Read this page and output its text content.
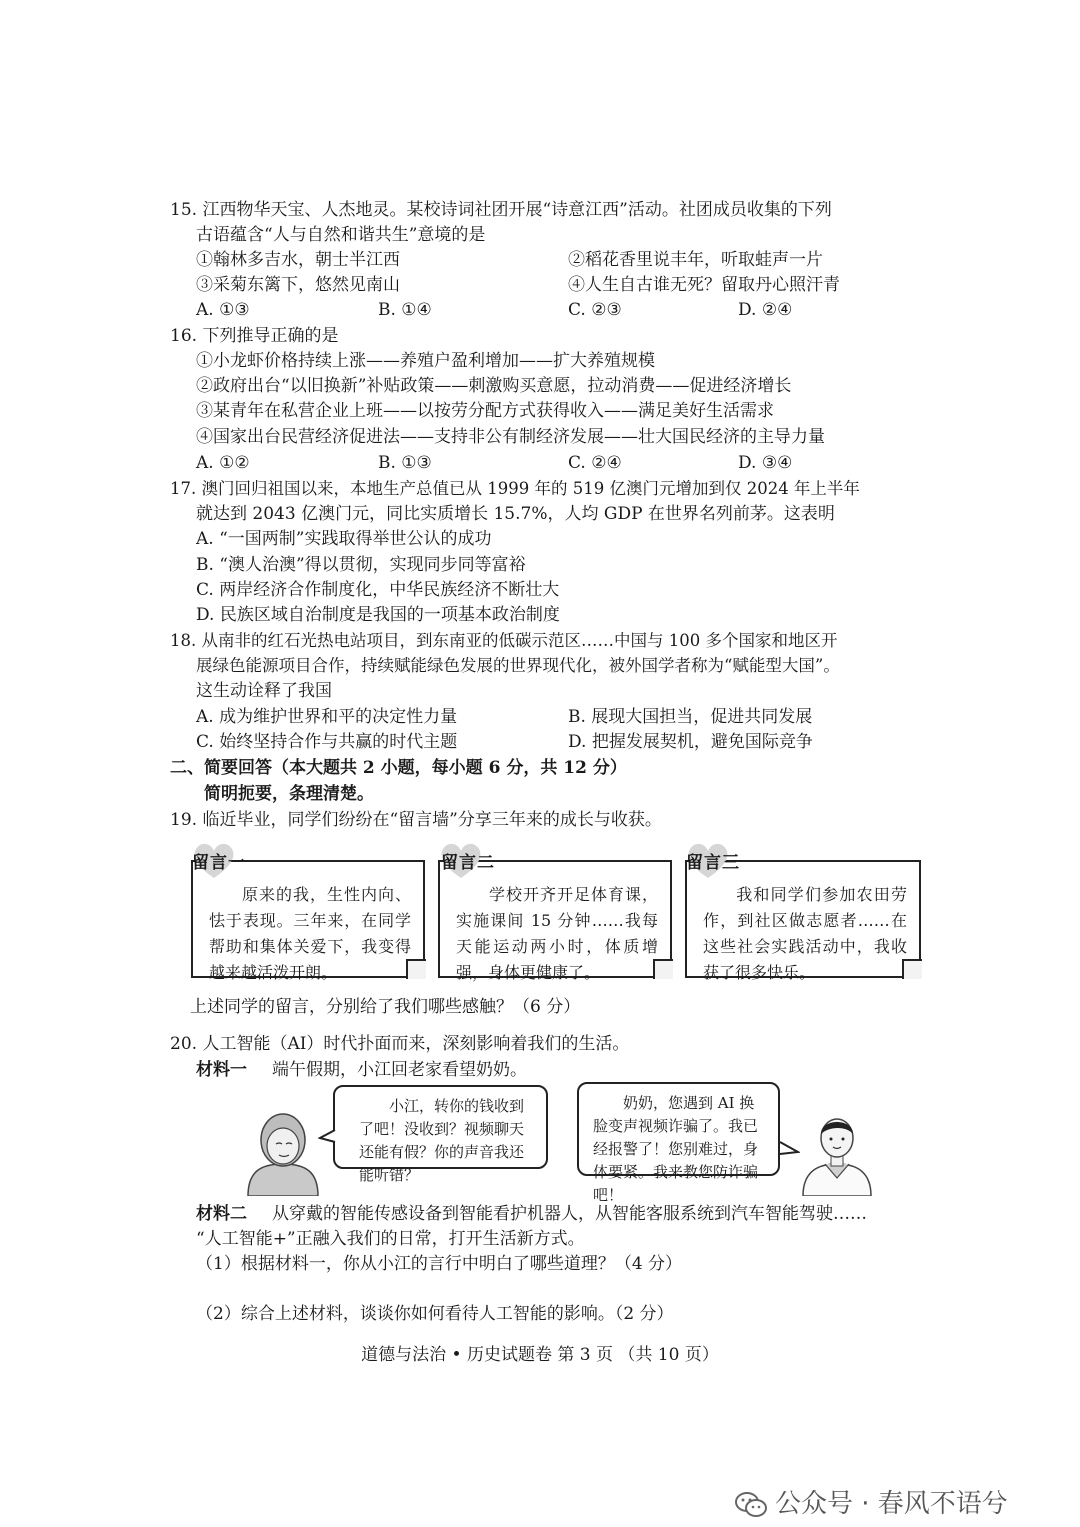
15. 江西物华天宝、人杰地灵。某校诗词社团开展“诗意江西”活动。社团成员收集的下列
古语蕴含“人与自然和谐共生”意境的是
①翰林多吉水，朝士半江西	②稻花香里说丰年，听取蛙声一片
③采菊东篱下，悠然见南山	④人生自古谁无死？留取丹心照汗青
A. ①③	B. ①④	C. ②③	D. ②④
16. 下列推导正确的是
①小龙虾价格持续上涨——养殖户盈利增加——扩大养殖规模
②政府出台“以旧换新”补贴政策——刺激购买意愿，拉动消费——促进经济增长
③某青年在私营企业上班——以按劳分配方式获得收入——满足美好生活需求
④国家出台民营经济促进法——支持非公有制经济发展——壮大国民经济的主导力量
A. ①②	B. ①③	C. ②④	D. ③④
17. 澳门回归祖国以来，本地生产总值已从 1999 年的 519 亿澳门元增加到仅 2024 年上半年
就达到 2043 亿澳门元，同比实质增长 15.7%，人均 GDP 在世界名列前茅。这表明
A. “一国两制”实践取得举世公认的成功
B. “澳人治澳”得以贯彻，实现同步同等富裕
C. 两岸经济合作制度化，中华民族经济不断壮大
D. 民族区域自治制度是我国的一项基本政治制度
18. 从南非的红石光热电站项目，到东南亚的低碳示范区……中国与 100 多个国家和地区开
展绿色能源项目合作，持续赋能绿色发展的世界现代化，被外国学者称为“赋能型大国”。
这生动诠释了我国
A. 成为维护世界和平的决定性力量	B. 展现大国担当，促进共同发展
C. 始终坚持合作与共赢的时代主题	D. 把握发展契机，避免国际竞争
二、简要回答（本大题共 2 小题，每小题 6 分，共 12 分）
简明扼要，条理清楚。
19. 临近毕业，同学们纷纷在“留言墙”分享三年来的成长与收获。
原来的我，生性内向、怯于表现。三年来，在同学帮助和集体关爱下，我变得越来越活泼开朗。
学校开齐开足体育课，实施课间 15 分钟……我每天能运动两小时，体质增强，身体更健康了。
我和同学们参加农田劳作，到社区做志愿者……在这些社会实践活动中，我收获了很多快乐。
留言一	留言二	留言三
上述同学的留言，分别给了我们哪些感触？（6 分）
20. 人工智能（AI）时代扑面而来，深刻影响着我们的生活。
材料一 端午假期，小江回老家看望奶奶。
小江，转你的钱收到了吧！没收到？视频聊天还能有假？你的声音我还能听错？
奶奶，您遇到 AI 换脸变声视频诈骗了。我已经报警了！您别难过，身体要紧。我来教您防诈骗吧！
材料二 从穿戴的智能传感设备到智能看护机器人，从智能客服系统到汽车智能驾驶……
“人工智能+”正融入我们的日常，打开生活新方式。
（1）根据材料一，你从小江的言行中明白了哪些道理？（4 分）
（2）综合上述材料，谈谈你如何看待人工智能的影响。（2 分）
道德与法治 • 历史试题卷 第 3 页 （共 10 页）
公众号 · 春风不语兮
